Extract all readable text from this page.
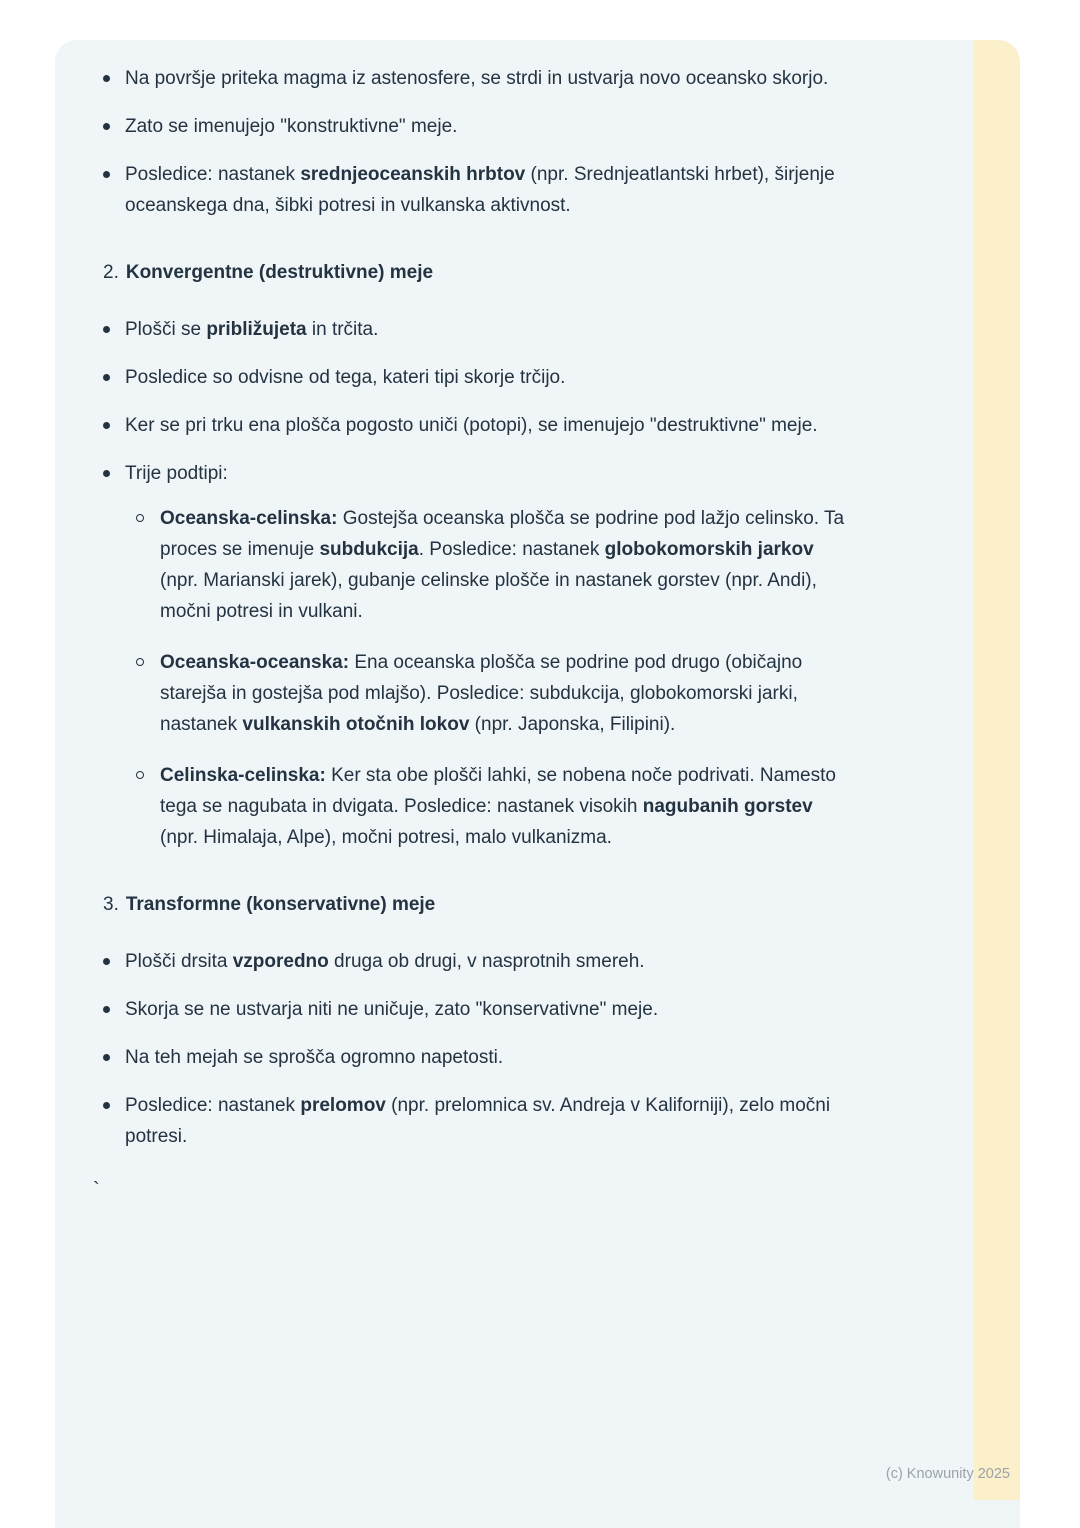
Na površje priteka magma iz astenosfere, se strdi in ustvarja novo oceansko skorjo.
Zato se imenujejo "konstruktivne" meje.
Posledice: nastanek srednjeoceanskih hrbtov (npr. Srednjeatlantski hrbet), širjenje oceanskega dna, šibki potresi in vulkanska aktivnost.
2. Konvergentne (destruktivne) meje
Plošči se približujeta in trčita.
Posledice so odvisne od tega, kateri tipi skorje trčijo.
Ker se pri trku ena plošča pogosto uniči (potopi), se imenujejo "destruktivne" meje.
Trije podtipi:
Oceanska-celinska: Gostejša oceanska plošča se podrine pod lažjo celinsko. Ta proces se imenuje subdukcija. Posledice: nastanek globokomorskih jarkov (npr. Marianski jarek), gubanje celinske plošče in nastanek gorstev (npr. Andi), močni potresi in vulkani.
Oceanska-oceanska: Ena oceanska plošča se podrine pod drugo (običajno starejša in gostejša pod mlajšo). Posledice: subdukcija, globokomorski jarki, nastanek vulkanskih otočnih lokov (npr. Japonska, Filipini).
Celinska-celinska: Ker sta obe plošči lahki, se nobena noče podrivati. Namesto tega se nagubata in dvigata. Posledice: nastanek visokih nagubanih gorstev (npr. Himalaja, Alpe), močni potresi, malo vulkanizma.
3. Transformne (konservativne) meje
Plošči drsita vzporedno druga ob drugi, v nasprotnih smereh.
Skorja se ne ustvarja niti ne uničuje, zato "konservativne" meje.
Na teh mejah se sprošča ogromno napetosti.
Posledice: nastanek prelomov (npr. prelomnica sv. Andreja v Kaliforniji), zelo močni potresi.
`
(c) Knowunity 2025
